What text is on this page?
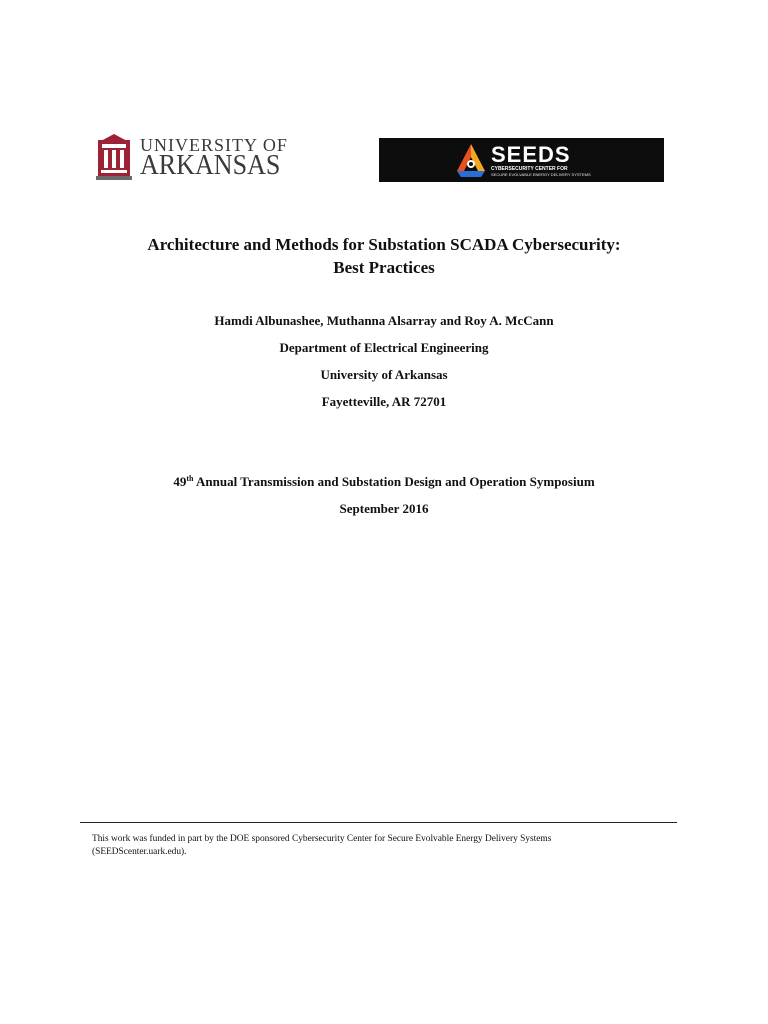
UNIVERSITY OF
ARKANSAS	SEEDS
CYBERSECURITY CENTER FOR
SECURE EVOLVABLE ENERGY DELIVERY SYSTEMS
Architecture and Methods for Substation SCADA Cybersecurity:
Best Practices
Hamdi Albunashee, Muthanna Alsarray and Roy A. McCann
Department of Electrical Engineering
University of Arkansas
Fayetteville, AR 72701
49th Annual Transmission and Substation Design and Operation Symposium
September 2016
This work was funded in part by the DOE sponsored Cybersecurity Center for Secure Evolvable Energy Delivery Systems
(SEEDScenter.uark.edu).
